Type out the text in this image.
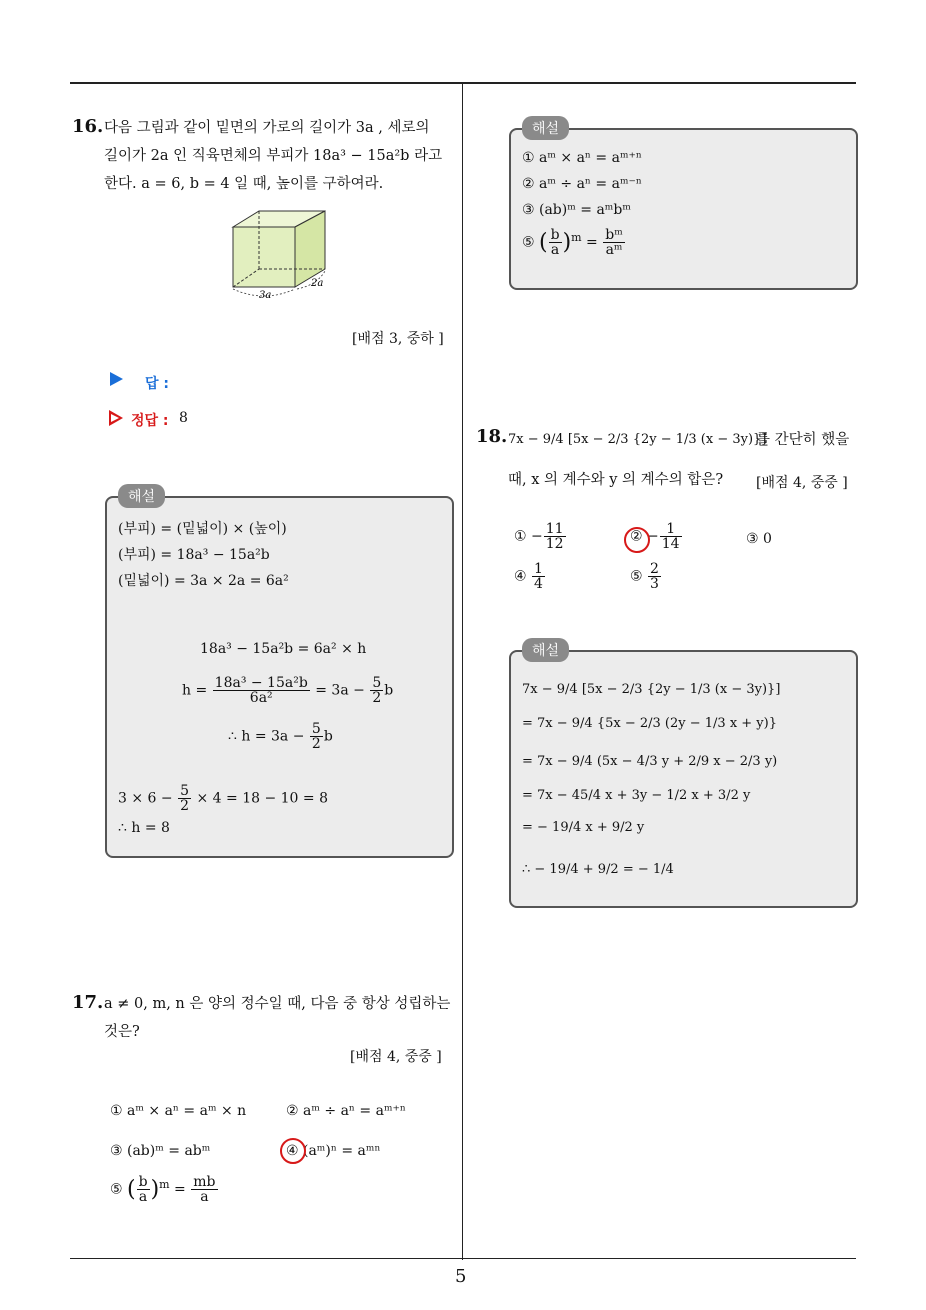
5
16. 다음 그림과 같이 밑면의 가로의 길이가 3a , 세로의
길이가 2a 인 직육면체의 부피가 18a³ − 15a²b 라고
한다. a = 6, b = 4 일 때, 높이를 구하여라.
3a
2a
[배점 3, 중하 ]
답 :
정답 : 8
해설
(부피) = (밑넓이) × (높이)
(부피) = 18a³ − 15a²b
(밑넓이) = 3a × 2a = 6a²
18a³ − 15a²b = 6a² × h
$h = \frac{\text{18a³ − 15a²b}}{\text{6a²}} = 3a - \frac{5}{2}$ b
∴ $h = 3a - \frac{5}{2}$ b
$3 \times 6 - \frac{5}{2} \times 4 = 18 - 10 = 8$
∴ h = 8
17. a ≠ 0, m, n 은 양의 정수일 때, 다음 중 항상 성립하는
것은?
[배점 4, 중중 ]
① aᵐ × aⁿ = aᵐ × n	② aᵐ ÷ aⁿ = aᵐ⁺ⁿ
③ (ab)ᵐ = abᵐ	④ (aᵐ)ⁿ = aᵐⁿ
⑤ ( $\frac{b}{a} )^m = \frac{mb}{a}$
해설
① aᵐ × aⁿ = aᵐ⁺ⁿ
② aᵐ ÷ aⁿ = aᵐ⁻ⁿ
③ (ab)ᵐ = aᵐbᵐ
⑤ ( $\frac{b}{a} )^m = \frac{\text{bᵐ}}{\text{aᵐ}}$
18. 7x − 9/4 [5x − 2/3 {2y − 1/3 (x − 3y)}]
를 간단히 했을
때, x 의 계수와 y 의 계수의 합은? [배점 4, 중중 ]
① − $\frac{11}{12}$	② − $\frac{1}{14}$	③ 0
④ $\frac{1}{4}$	⑤ $\frac{2}{3}$
해설
7x − 9/4 [5x − 2/3 {2y − 1/3 (x − 3y)}]
= 7x − 9/4 {5x − 2/3 (2y − 1/3 x + y)}
= 7x − 9/4 (5x − 4/3 y + 2/9 x − 2/3 y)
= 7x − 45/4 x + 3y − 1/2 x + 3/2 y
= − 19/4 x + 9/2 y
∴ − 19/4 + 9/2 = − 1/4
